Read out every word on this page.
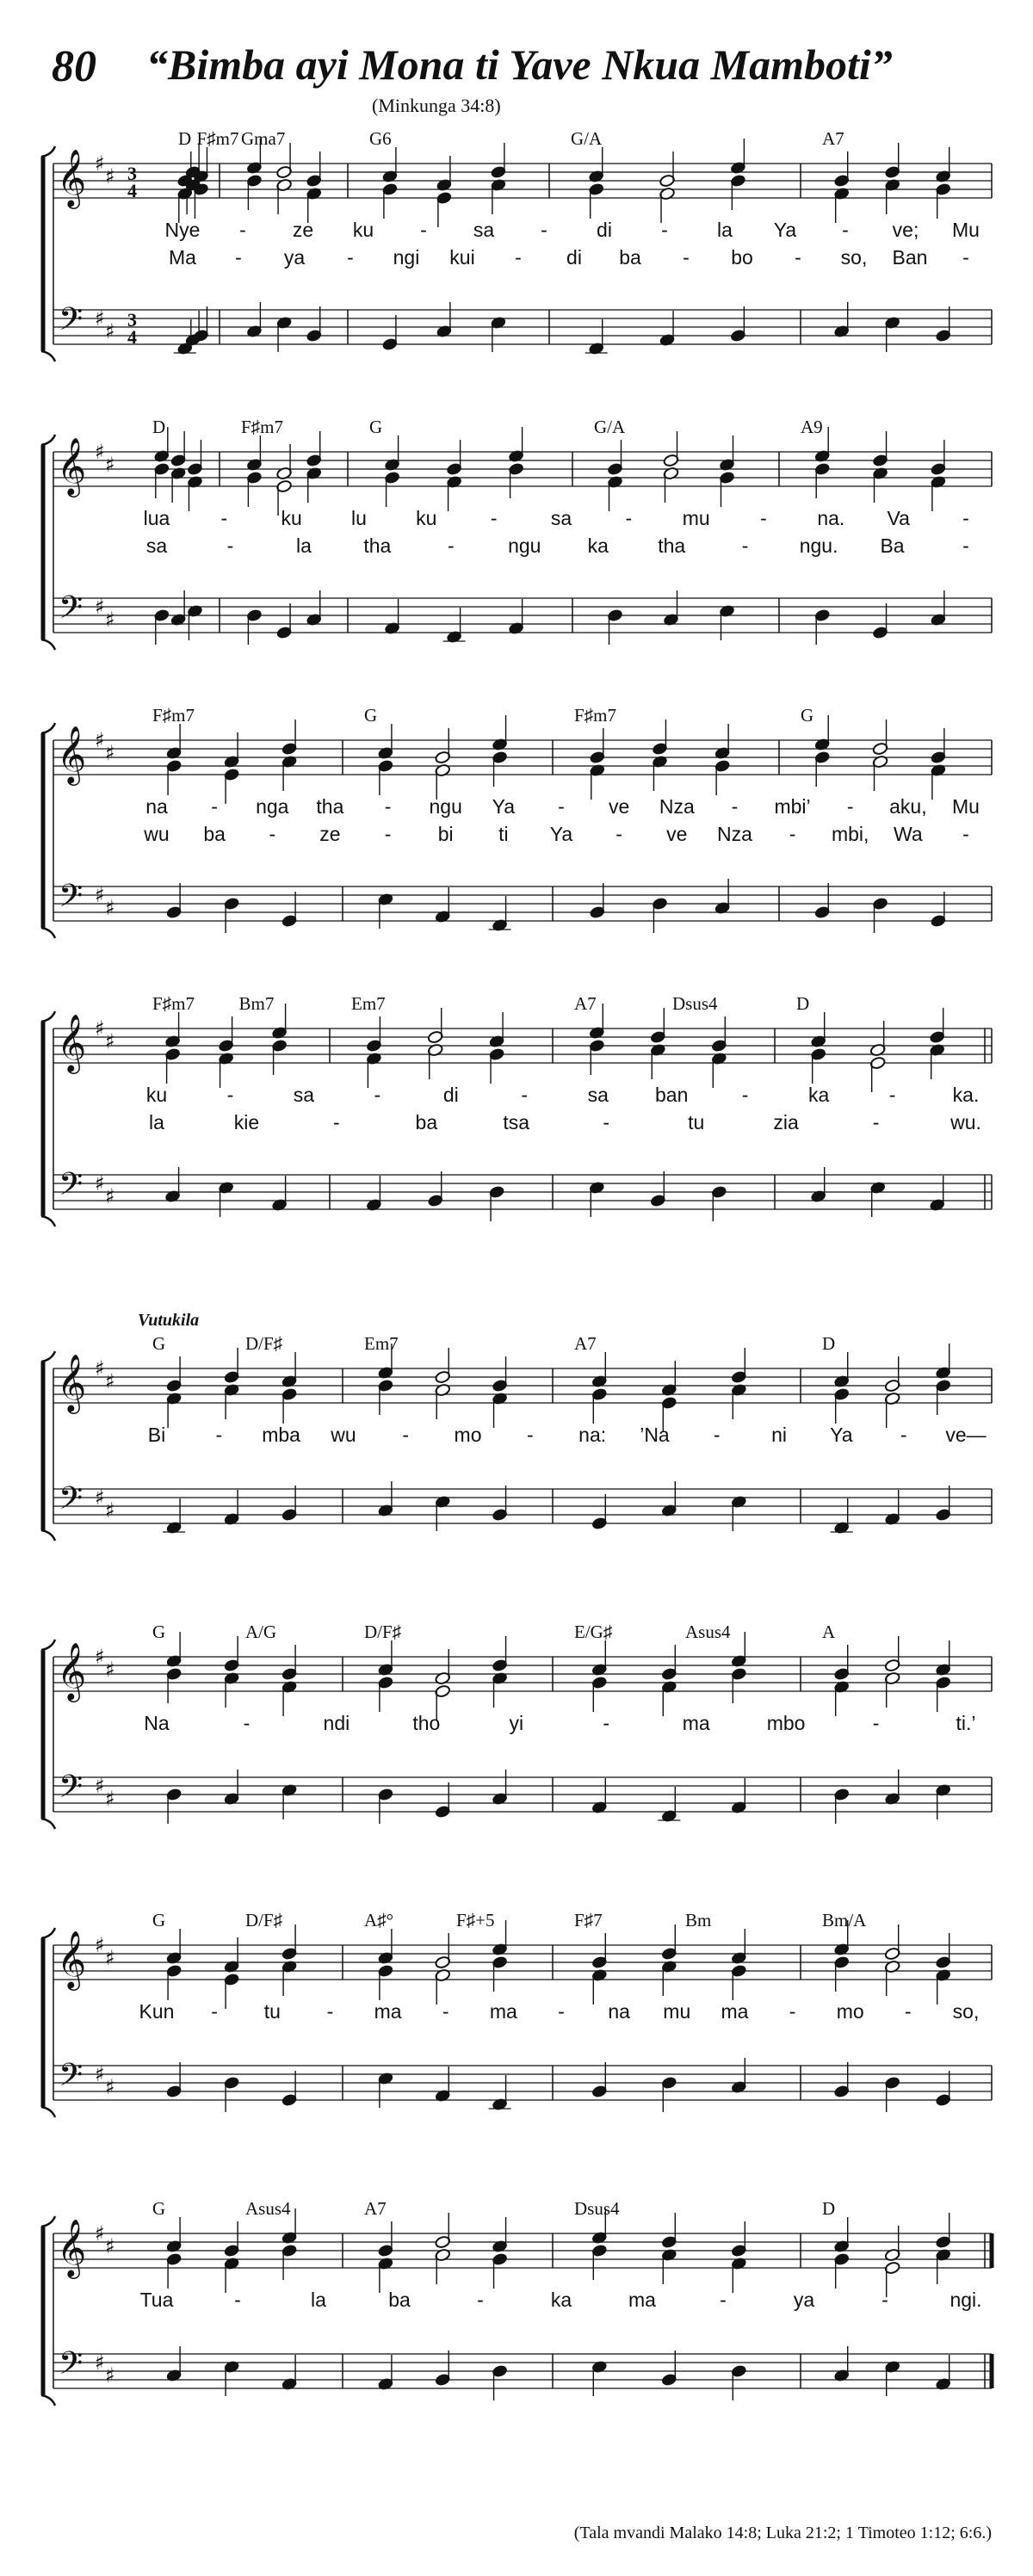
80 “Bimba ayi Mona ti Yave Nkua Mamboti”
(Minkunga 34:8)
𝄞 ♯
♯
𝄢 ♯
♯
3
4
3
4
D F♯m7 Gma7	G6	G/A	A7
Nye - ze ku - sa - di - la Ya - ve; Mu
Ma - ya - ngi kui - di ba - bo - so, Ban -
𝄞 ♯
♯
𝄢 ♯
♯
D	F♯m7	G	G/A	A9
lua	-	ku lu ku	-	sa	-	mu	-	na. Va	-
sa	-	la	tha	-	ngu ka tha	-	ngu. Ba	-
𝄞 ♯
♯
𝄢 ♯
♯
F♯m7	G	F♯m7	G
na - nga tha - ngu Ya - ve Nza - mbi’ - aku, Mu
wu ba - ze - bi ti Ya - ve Nza - mbi, Wa -
𝄞 ♯
♯
𝄢 ♯
♯
F♯m7 Bm7	Em7	A7	Dsus4	D
ku	-	sa	-	di	-	sa ban	-	ka	-	ka.
la	kie	-	ba	tsa	-	tu	zia	-	wu.
Vutukila
𝄞 ♯
♯
𝄢 ♯
♯
G	D/F♯	Em7	A7	D
Bi	- mba wu - mo - na: ’Na -	ni Ya - ve—
𝄞 ♯
♯
𝄢 ♯
♯
G	A/G	D/F♯	E/G♯	Asus4	A
Na	-	ndi	tho	yi	-	ma	mbo	-	ti.’
𝄞 ♯
♯
𝄢 ♯
♯
G	D/F♯	A♯°	F♯+5	F♯7	Bm	Bm/A
Kun - tu - ma - ma - na mu ma - mo - so,
𝄞 ♯
♯
𝄢 ♯
♯
G	Asus4	A7	Dsus4	D
Tua	-	la	ba	-	ka	ma	-	ya	-	ngi.
(Tala mvandi Malako 14:8; Luka 21:2; 1 Timoteo 1:12; 6:6.)
